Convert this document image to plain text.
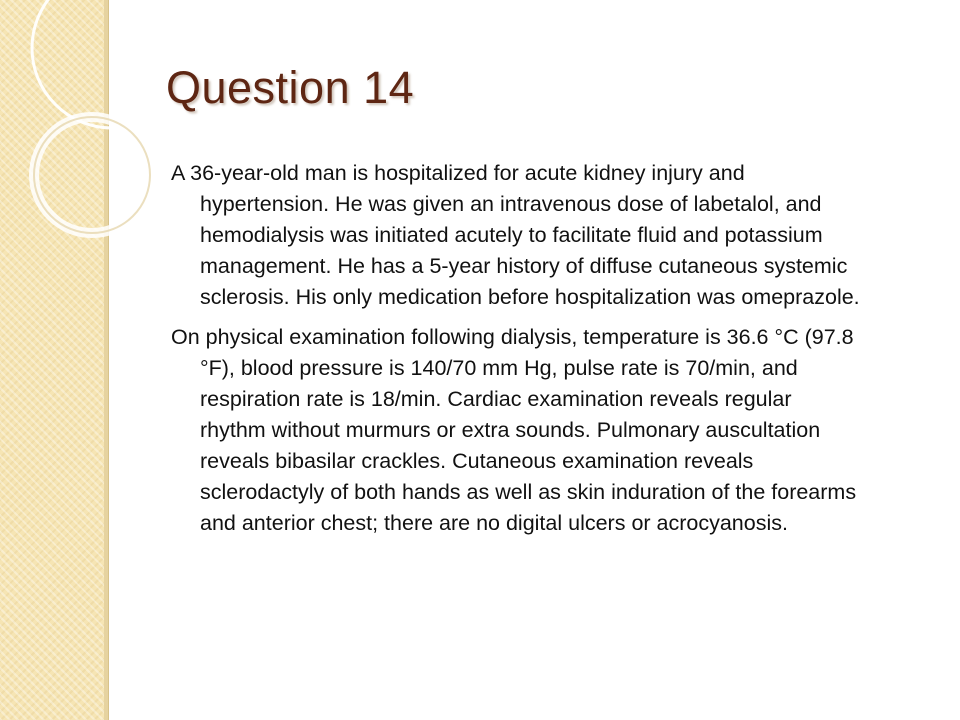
Question 14

A 36-year-old man is hospitalized for acute kidney injury and hypertension. He was given an intravenous dose of labetalol, and hemodialysis was initiated acutely to facilitate fluid and potassium management. He has a 5-year history of diffuse cutaneous systemic sclerosis. His only medication before hospitalization was omeprazole.

On physical examination following dialysis, temperature is 36.6 °C (97.8 °F), blood pressure is 140/70 mm Hg, pulse rate is 70/min, and respiration rate is 18/min. Cardiac examination reveals regular rhythm without murmurs or extra sounds. Pulmonary auscultation reveals bibasilar crackles. Cutaneous examination reveals sclerodactyly of both hands as well as skin induration of the forearms and anterior chest; there are no digital ulcers or acrocyanosis.
